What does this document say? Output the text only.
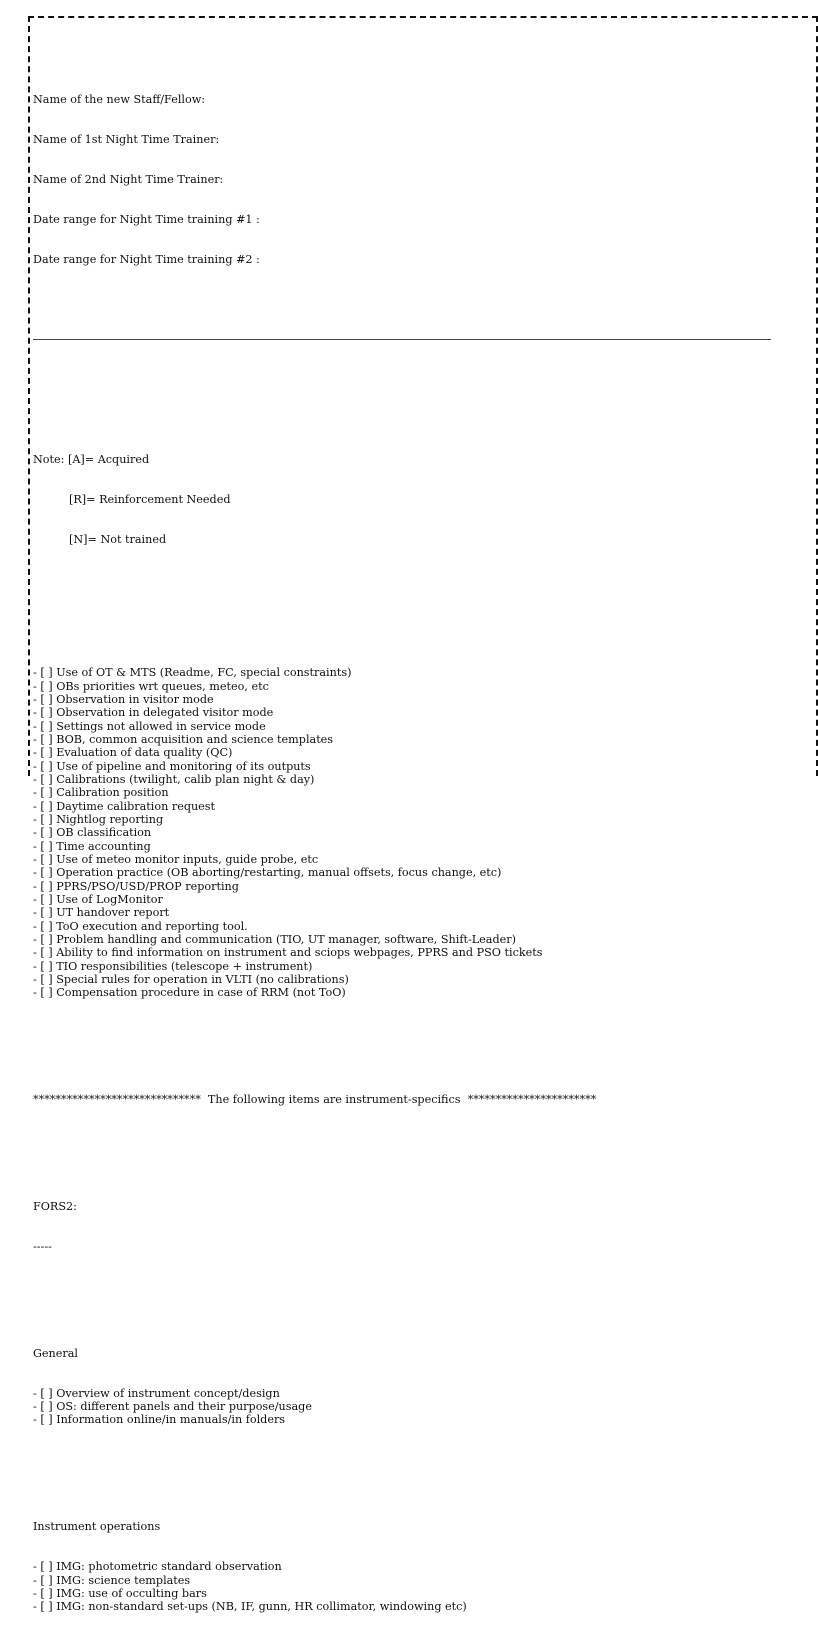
Name of the new Staff/Fellow:

Name of 1st Night Time Trainer:

Name of 2nd Night Time Trainer:

Date range for Night Time training #1 :

Date range for Night Time training #2 :

Note: [A]= Acquired

[R]= Reinforcement Needed

[N]= Not trained

- [ ] Use of OT & MTS (Readme, FC, special constraints)
- [ ] OBs priorities wrt queues, meteo, etc
- [ ] Observation in visitor mode
- [ ] Observation in delegated visitor mode
- [ ] Settings not allowed in service mode
- [ ] BOB, common acquisition and science templates
- [ ] Evaluation of data quality (QC)
- [ ] Use of pipeline and monitoring of its outputs
- [ ] Calibrations (twilight, calib plan night & day)
- [ ] Calibration position
- [ ] Daytime calibration request
- [ ] Nightlog reporting
- [ ] OB classification
- [ ] Time accounting
- [ ] Use of meteo monitor inputs, guide probe, etc
- [ ] Operation practice (OB aborting/restarting, manual offsets, focus change, etc)
- [ ] PPRS/PSO/USD/PROP reporting
- [ ] Use of LogMonitor
- [ ] UT handover report
- [ ] ToO execution and reporting tool.
- [ ] Problem handling and communication (TIO, UT manager, software, Shift-Leader)
- [ ] Ability to find information on instrument and sciops webpages, PPRS and PSO tickets
- [ ] TIO responsibilities (telescope + instrument)
- [ ] Special rules for operation in VLTI (no calibrations)
- [ ] Compensation procedure in case of RRM (not ToO)

******************************  The following items are instrument-specifics  ***********************

FORS2:

-----

General

- [ ] Overview of instrument concept/design
- [ ] OS: different panels and their purpose/usage
- [ ] Information online/in manuals/in folders

Instrument operations

- [ ] IMG: photometric standard observation
- [ ] IMG: science templates
- [ ] IMG: use of occulting bars
- [ ] IMG: non-standard set-ups (NB, IF, gunn, HR collimator, windowing etc)
